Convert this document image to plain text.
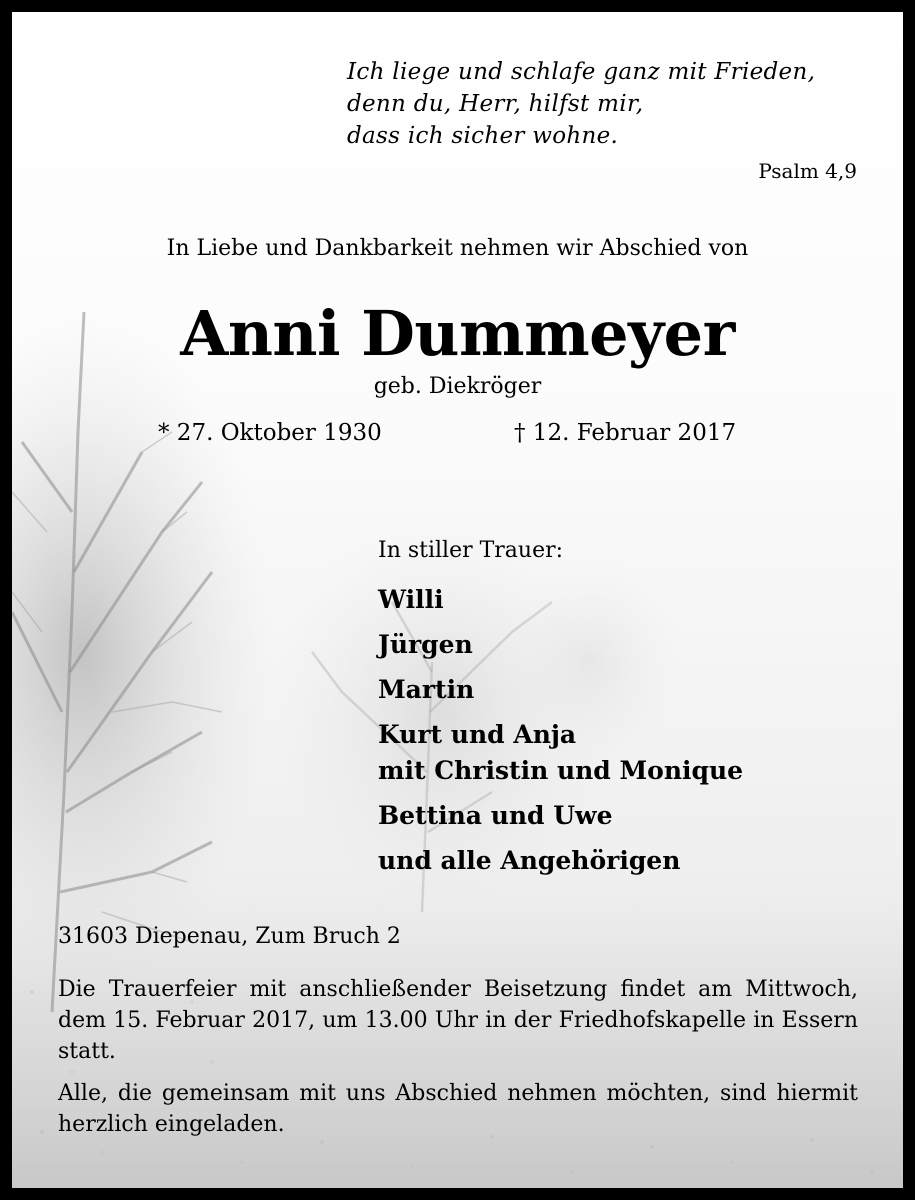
Ich liege und schlafe ganz mit Frieden,
denn du, Herr, hilfst mir,
dass ich sicher wohne.
Psalm 4,9
In Liebe und Dankbarkeit nehmen wir Abschied von
Anni Dummeyer
geb. Diekröger
* 27. Oktober 1930	† 12. Februar 2017
In stiller Trauer:
Willi
Jürgen
Martin
Kurt und Anja
mit Christin und Monique
Bettina und Uwe
und alle Angehörigen
31603 Diepenau, Zum Bruch 2
Die Trauerfeier mit anschließender Beisetzung findet am Mittwoch, dem 15. Februar 2017, um 13.00 Uhr in der Friedhofskapelle in Essern statt.
Alle, die gemeinsam mit uns Abschied nehmen möchten, sind hiermit herzlich eingeladen.
